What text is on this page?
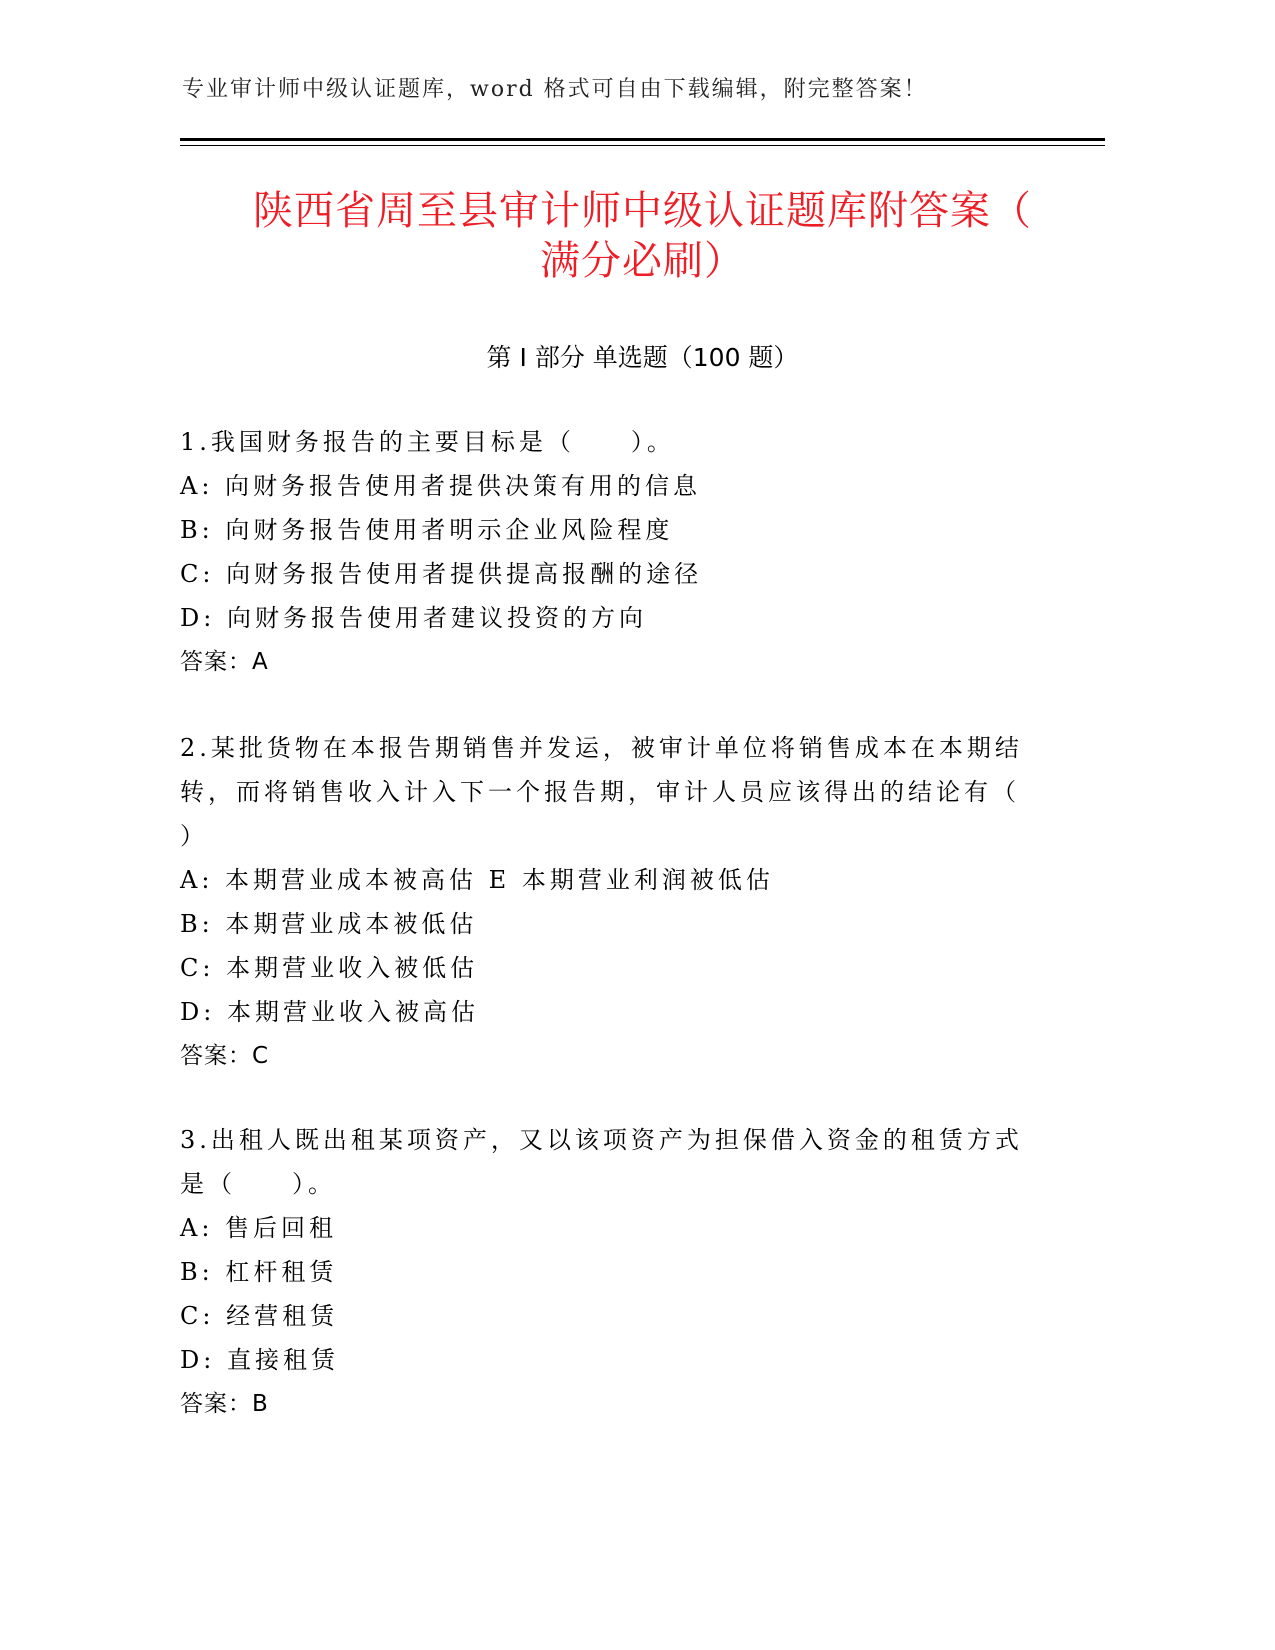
专业审计师中级认证题库，word 格式可自由下载编辑，附完整答案！
陕西省周至县审计师中级认证题库附答案（
满分必刷）
第 I 部分 单选题（100 题）
1.我国财务报告的主要目标是（　　）。
A: 向财务报告使用者提供决策有用的信息
B: 向财务报告使用者明示企业风险程度
C: 向财务报告使用者提供提高报酬的途径
D: 向财务报告使用者建议投资的方向
答案：A
2.某批货物在本报告期销售并发运，被审计单位将销售成本在本期结
转，而将销售收入计入下一个报告期，审计人员应该得出的结论有（
）
A: 本期营业成本被高估 E 本期营业利润被低估
B: 本期营业成本被低估
C: 本期营业收入被低估
D: 本期营业收入被高估
答案：C
3.出租人既出租某项资产，又以该项资产为担保借入资金的租赁方式
是（　　）。
A: 售后回租
B: 杠杆租赁
C: 经营租赁
D: 直接租赁
答案：B
